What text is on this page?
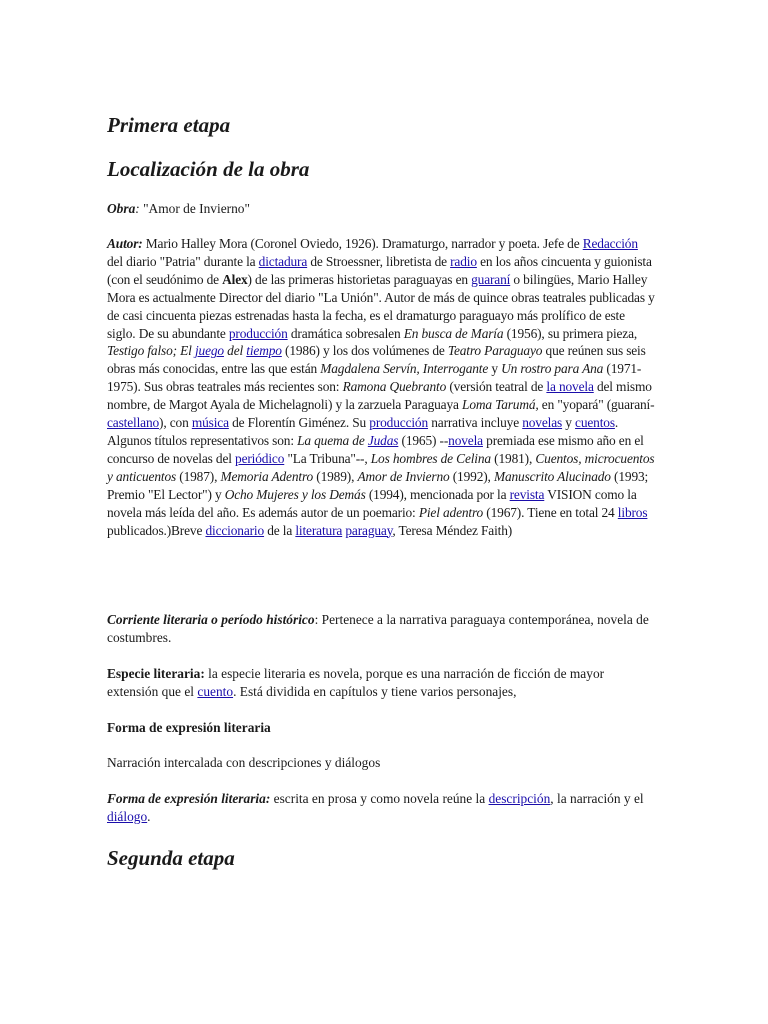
Primera etapa
Localización de la obra

Obra: "Amor de Invierno"

Autor: Mario Halley Mora (Coronel Oviedo, 1926). Dramaturgo, narrador y poeta. Jefe de Redacción del diario "Patria" durante la dictadura de Stroessner, libretista de radio en los años cincuenta y guionista (con el seudónimo de Alex) de las primeras historietas paraguayas en guaraní o bilingües, Mario Halley Mora es actualmente Director del diario "La Unión". Autor de más de quince obras teatrales publicadas y de casi cincuenta piezas estrenadas hasta la fecha, es el dramaturgo paraguayo más prolífico de este siglo. De su abundante producción dramática sobresalen En busca de María (1956), su primera pieza, Testigo falso; El juego del tiempo (1986) y los dos volúmenes de Teatro Paraguayo que reúnen sus seis obras más conocidas, entre las que están Magdalena Servín, Interrogante y Un rostro para Ana (1971-1975). Sus obras teatrales más recientes son: Ramona Quebranto (versión teatral de la novela del mismo nombre, de Margot Ayala de Michelagnoli) y la zarzuela Paraguaya Loma Tarumá, en "yopará" (guaraní-castellano), con música de Florentín Giménez. Su producción narrativa incluye novelas y cuentos. Algunos títulos representativos son: La quema de Judas (1965) --novela premiada ese mismo año en el concurso de novelas del periódico "La Tribuna"--, Los hombres de Celina (1981), Cuentos, microcuentos y anticuentos (1987), Memoria Adentro (1989), Amor de Invierno (1992), Manuscrito Alucinado (1993; Premio "El Lector") y Ocho Mujeres y los Demás (1994), mencionada por la revista VISION como la novela más leída del año. Es además autor de un poemario: Piel adentro (1967). Tiene en total 24 libros publicados.)Breve diccionario de la literatura paraguay, Teresa Méndez Faith)

Corriente literaria o período histórico: Pertenece a la narrativa paraguaya contemporánea, novela de costumbres.

Especie literaria: la especie literaria es novela, porque es una narración de ficción de mayor extensión que el cuento. Está dividida en capítulos y tiene varios personajes,

Forma de expresión literaria

Narración intercalada con descripciones y diálogos

Forma de expresión literaria: escrita en prosa y como novela reúne la descripción, la narración y el diálogo.

Segunda etapa
